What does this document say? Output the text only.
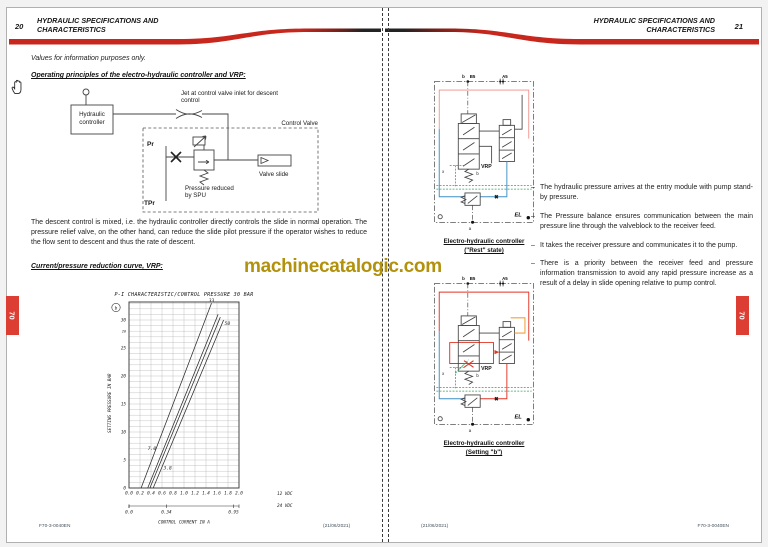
20
HYDRAULIC SPECIFICATIONS AND
CHARACTERISTICS
Values for information purposes only.
Operating principles of the electro-hydraulic controller and VRP:
Hydraulic
controller
Jet at control valve inlet for descent
control
Control Valve
Pr
TPr
Pressure reduced
by SPU
Valve slide
The descent control is mixed, i.e. the hydraulic controller directly controls the slide in normal operation. The pressure relief valve, on the other hand, can reduce the slide pilot pressure if the operator wishes to reduce the flow sent to descent and thus the rate of descent.
Current/pressure reduction curve, VRP:
P-I CHARACTERISTIC/CONTROL PRESSURE 30 BAR
b
0.0 0.2 0.4 0.6 0.8 1.0 1.2 1.4 1.6 1.8 2.0
0
5
10
15
20
25
30
0.0	0.34	0.95
33
50
7.0
3.8
28
12 VDC
24 VDC
CONTROL CURRENT IN A
SETTING PRESSURE IN BAR
F70-3-0040EN	(21/06/2021)
70
HYDRAULIC SPECIFICATIONS AND
CHARACTERISTICS	21
b B5	A5
VRP
x	b
a
EL
Electro-hydraulic controller
("Rest" state)
b B5	A5
VRP
x	b
a
EL
Electro-hydraulic controller
(Setting "b")
– The hydraulic pressure arrives at the entry module with pump stand-by pressure.
– The Pressure balance ensures communication between the main pressure line through the valveblock to the receiver feed.
– It takes the receiver pressure and communicates it to the pump.
– There is a priority between the receiver feed and pressure information transmission to avoid any rapid pressure increase as a result of a delay in slide opening relative to pump control.
(21/06/2021)	F70-3-0040EN
70
machinecatalogic.com
